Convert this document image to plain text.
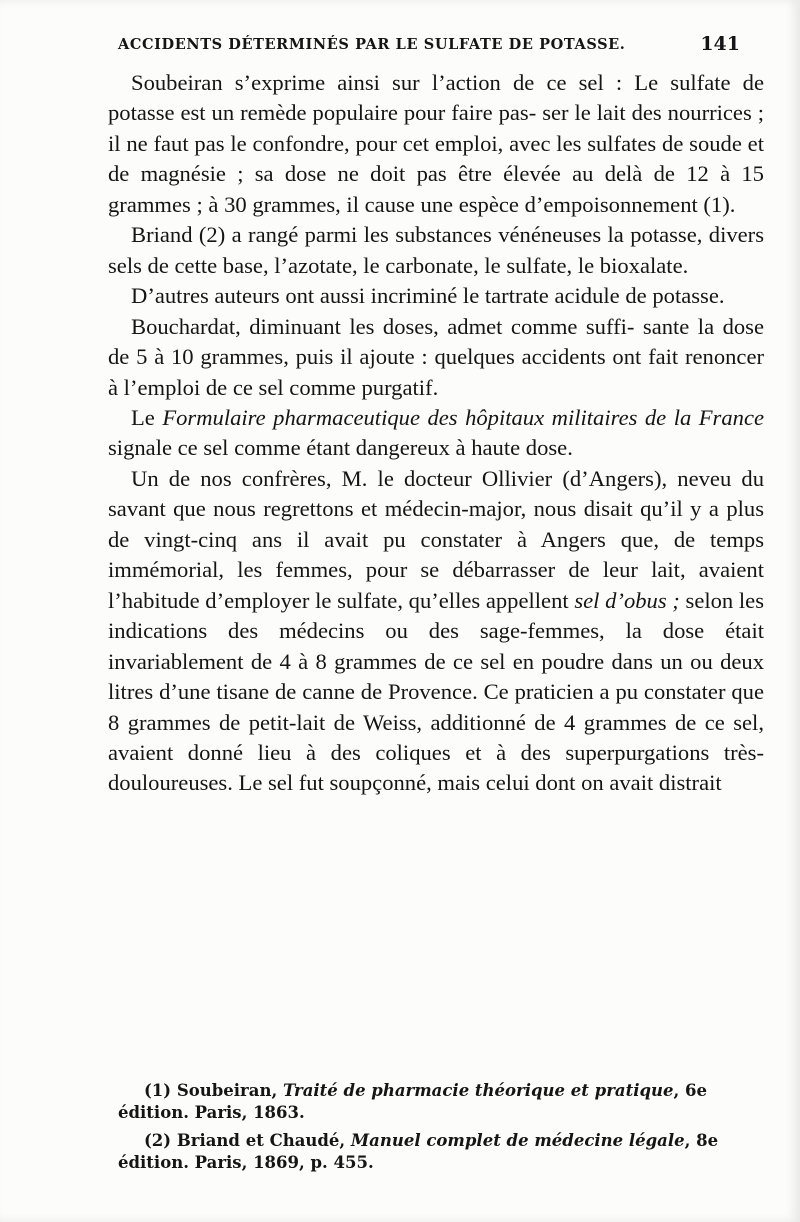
ACCIDENTS DÉTERMINÉS PAR LE SULFATE DE POTASSE.	141

Soubeiran s’exprime ainsi sur l’action de ce sel : Le sulfate de potasse est un remède populaire pour faire pas- ser le lait des nourrices ; il ne faut pas le confondre, pour cet emploi, avec les sulfates de soude et de magnésie ; sa dose ne doit pas être élevée au delà de 12 à 15 grammes ; à 30 grammes, il cause une espèce d’empoisonnement (1).

Briand (2) a rangé parmi les substances vénéneuses la potasse, divers sels de cette base, l’azotate, le carbonate, le sulfate, le bioxalate.

D’autres auteurs ont aussi incriminé le tartrate acidule de potasse.

Bouchardat, diminuant les doses, admet comme suffi- sante la dose de 5 à 10 grammes, puis il ajoute : quelques accidents ont fait renoncer à l’emploi de ce sel comme purgatif.

Le Formulaire pharmaceutique des hôpitaux militaires de la France signale ce sel comme étant dangereux à haute dose.

Un de nos confrères, M. le docteur Ollivier (d’Angers), neveu du savant que nous regrettons et médecin-major, nous disait qu’il y a plus de vingt-cinq ans il avait pu constater à Angers que, de temps immémorial, les femmes, pour se débarrasser de leur lait, avaient l’habitude d’employer le sulfate, qu’elles appellent sel d’obus ; selon les indications des médecins ou des sage-femmes, la dose était invariablement de 4 à 8 grammes de ce sel en poudre dans un ou deux litres d’une tisane de canne de Provence. Ce praticien a pu constater que 8 grammes de petit-lait de Weiss, additionné de 4 grammes de ce sel, avaient donné lieu à des coliques et à des superpurgations très-douloureuses. Le sel fut soupçonné, mais celui dont on avait distrait

(1) Soubeiran, Traité de pharmacie théorique et pratique, 6e édition. Paris, 1863.

(2) Briand et Chaudé, Manuel complet de médecine légale, 8e édition. Paris, 1869, p. 455.
